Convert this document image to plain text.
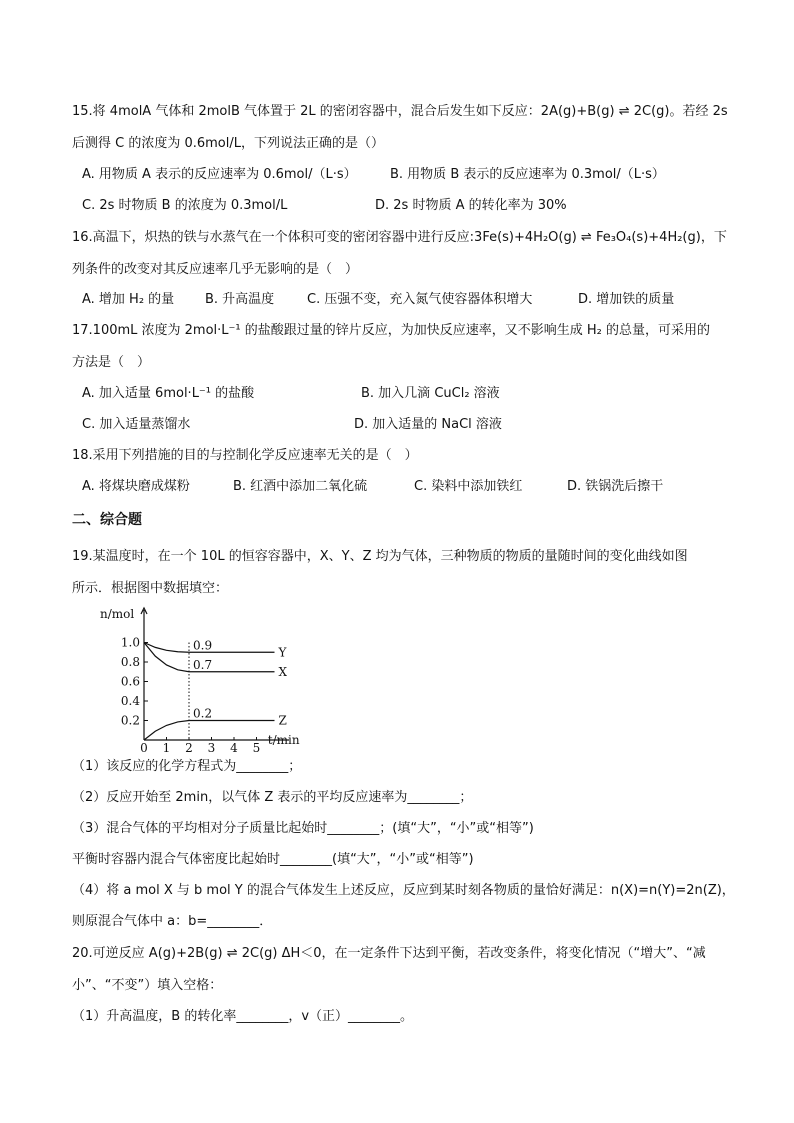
15.将 4molA 气体和 2molB 气体置于 2L 的密闭容器中，混合后发生如下反应：2A(g)+B(g) ⇌ 2C(g)。若经 2s
后测得 C 的浓度为 0.6mol/L，下列说法正确的是（）
A. 用物质 A 表示的反应速率为 0.6mol/（L·s）	B. 用物质 B 表示的反应速率为 0.3mol/（L·s）
C. 2s 时物质 B 的浓度为 0.3mol/L	D. 2s 时物质 A 的转化率为 30%
16.高温下，炽热的铁与水蒸气在一个体积可变的密闭容器中进行反应:3Fe(s)+4H₂O(g) ⇌ Fe₃O₄(s)+4H₂(g)，下
列条件的改变对其反应速率几乎无影响的是（　）
A. 增加 H₂ 的量 B. 升高温度	C. 压强不变，充入氮气使容器体积增大	D. 增加铁的质量
17.100mL 浓度为 2mol·L⁻¹ 的盐酸跟过量的锌片反应，为加快反应速率，又不影响生成 H₂ 的总量，可采用的
方法是（　）
A. 加入适量 6mol·L⁻¹ 的盐酸	B. 加入几滴 CuCl₂ 溶液
C. 加入适量蒸馏水	D. 加入适量的 NaCl 溶液
18.采用下列措施的目的与控制化学反应速率无关的是（　）
A. 将煤块磨成煤粉	B. 红酒中添加二氧化硫	C. 染料中添加铁红	D. 铁锅洗后擦干
二、综合题
19.某温度时，在一个 10L 的恒容容器中，X、Y、Z 均为气体，三种物质的物质的量随时间的变化曲线如图
所示．根据图中数据填空：
n/mol
t/min
1.0
0.8
0.6
0.4
0.2
0 1 2 3 4 5
0.9	Y
0.7	X
0.2	Z
（1）该反应的化学方程式为________；
（2）反应开始至 2min，以气体 Z 表示的平均反应速率为________；
（3）混合气体的平均相对分子质量比起始时________；(填“大”，“小”或“相等”)
平衡时容器内混合气体密度比起始时________(填“大”，“小”或“相等”)
（4）将 a mol X 与 b mol Y 的混合气体发生上述反应，反应到某时刻各物质的量恰好满足：n(X)=n(Y)=2n(Z)，
则原混合气体中 a：b=________．
20.可逆反应 A(g)+2B(g) ⇌ 2C(g) ΔH＜0，在一定条件下达到平衡，若改变条件，将变化情况（“增大”、“减
小”、“不变”）填入空格：
（1）升高温度，B 的转化率________，v（正）________。
